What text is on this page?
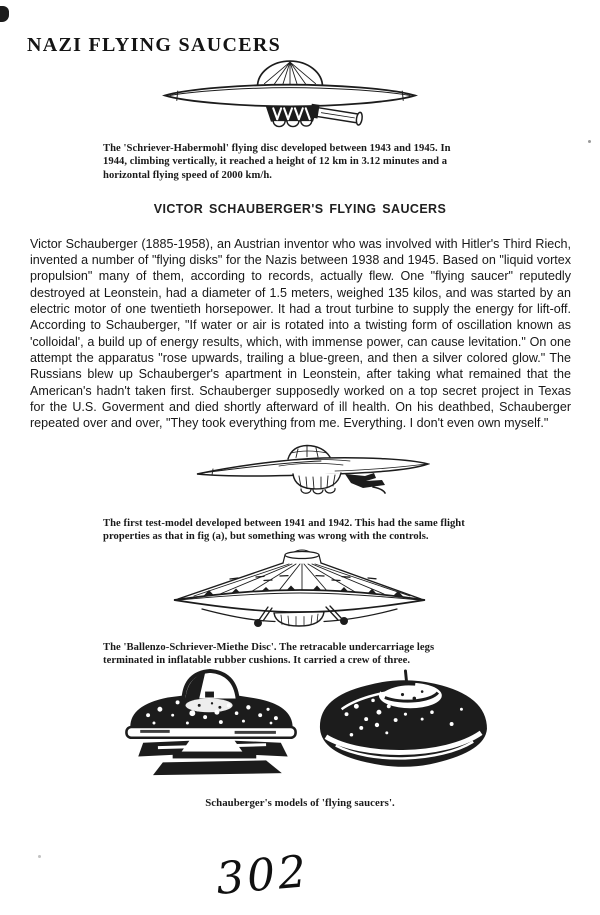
NAZI FLYING SAUCERS

The 'Schriever-Habermohl' flying disc developed between 1943 and 1945. In 1944, climbing vertically, it reached a height of 12 km in 3.12 minutes and a horizontal flying speed of 2000 km/h.

VICTOR SCHAUBERGER'S FLYING SAUCERS

Victor Schauberger (1885-1958), an Austrian inventor who was involved with Hitler's Third Riech, invented a number of "flying disks" for the Nazis between 1938 and 1945. Based on "liquid vortex propulsion" many of them, according to records, actually flew. One "flying saucer" reputedly destroyed at Leonstein, had a diameter of 1.5 meters, weighed 135 kilos, and was started by an electric motor of one twentieth horsepower. It had a trout turbine to supply the energy for lift-off. According to Schauberger, "If water or air is rotated into a twisting form of oscillation known as 'colloidal', a build up of energy results, which, with immense power, can cause levitation." On one attempt the apparatus "rose upwards, trailing a blue-green, and then a silver colored glow." The Russians blew up Schauberger's apartment in Leonstein, after taking what remained that the American's hadn't taken first. Schauberger supposedly worked on a top secret project in Texas for the U.S. Goverment and died shortly afterward of ill health. On his deathbed, Schauberger repeated over and over, "They took everything from me. Everything. I don't even own myself."

The first test-model developed between 1941 and 1942. This had the same flight properties as that in fig (a), but something was wrong with the controls.

The 'Ballenzo-Schriever-Miethe Disc'. The retracable undercarriage legs terminated in inflatable rubber cushions. It carried a crew of three.

Schauberger's models of 'flying saucers'.

302
